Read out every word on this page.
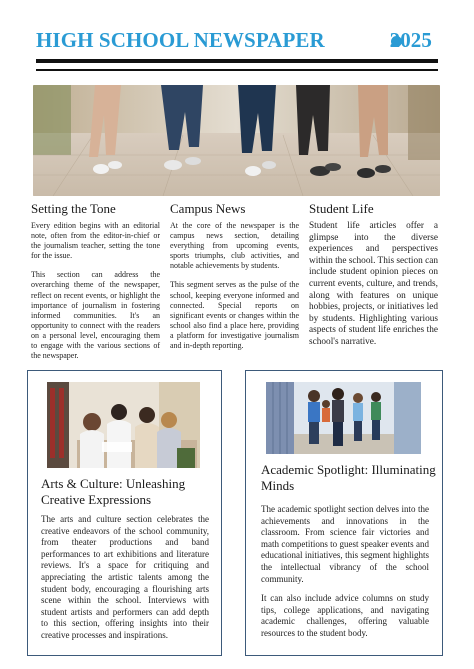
HIGH SCHOOL NEWSPAPER	2025
Setting the Tone

Every edition begins with an editorial note, often from the editor-in-chief or the journalism teacher, setting the tone for the issue.

This section can address the overarching theme of the newspaper, reflect on recent events, or highlight the importance of journalism in fostering informed communities. It's an opportunity to connect with the readers on a personal level, encouraging them to engage with the various sections of the newspaper.

Campus News

At the core of the newspaper is the campus news section, detailing everything from upcoming events, sports triumphs, club activities, and notable achievements by students.

This segment serves as the pulse of the school, keeping everyone informed and connected. Special reports on significant events or changes within the school also find a place here, providing a platform for investigative journalism and in-depth reporting.

Student Life

Student life articles offer a glimpse into the diverse experiences and perspectives within the school. This section can include student opinion pieces on current events, culture, and trends, along with features on unique hobbies, projects, or initiatives led by students. Highlighting various aspects of student life enriches the school's narrative.

Arts & Culture: Unleashing Creative Expressions

The arts and culture section celebrates the creative endeavors of the school community, from theater productions and band performances to art exhibitions and literature reviews. It's a space for critiquing and appreciating the artistic talents among the student body, encouraging a flourishing arts scene within the school. Interviews with student artists and performers can add depth to this section, offering insights into their creative processes and inspirations.

Academic Spotlight: Illuminating Minds

The academic spotlight section delves into the achievements and innovations in the classroom. From science fair victories and math competitions to guest speaker events and educational initiatives, this segment highlights the intellectual vibrancy of the school community.

It can also include advice columns on study tips, college applications, and navigating academic challenges, offering valuable resources to the student body.
